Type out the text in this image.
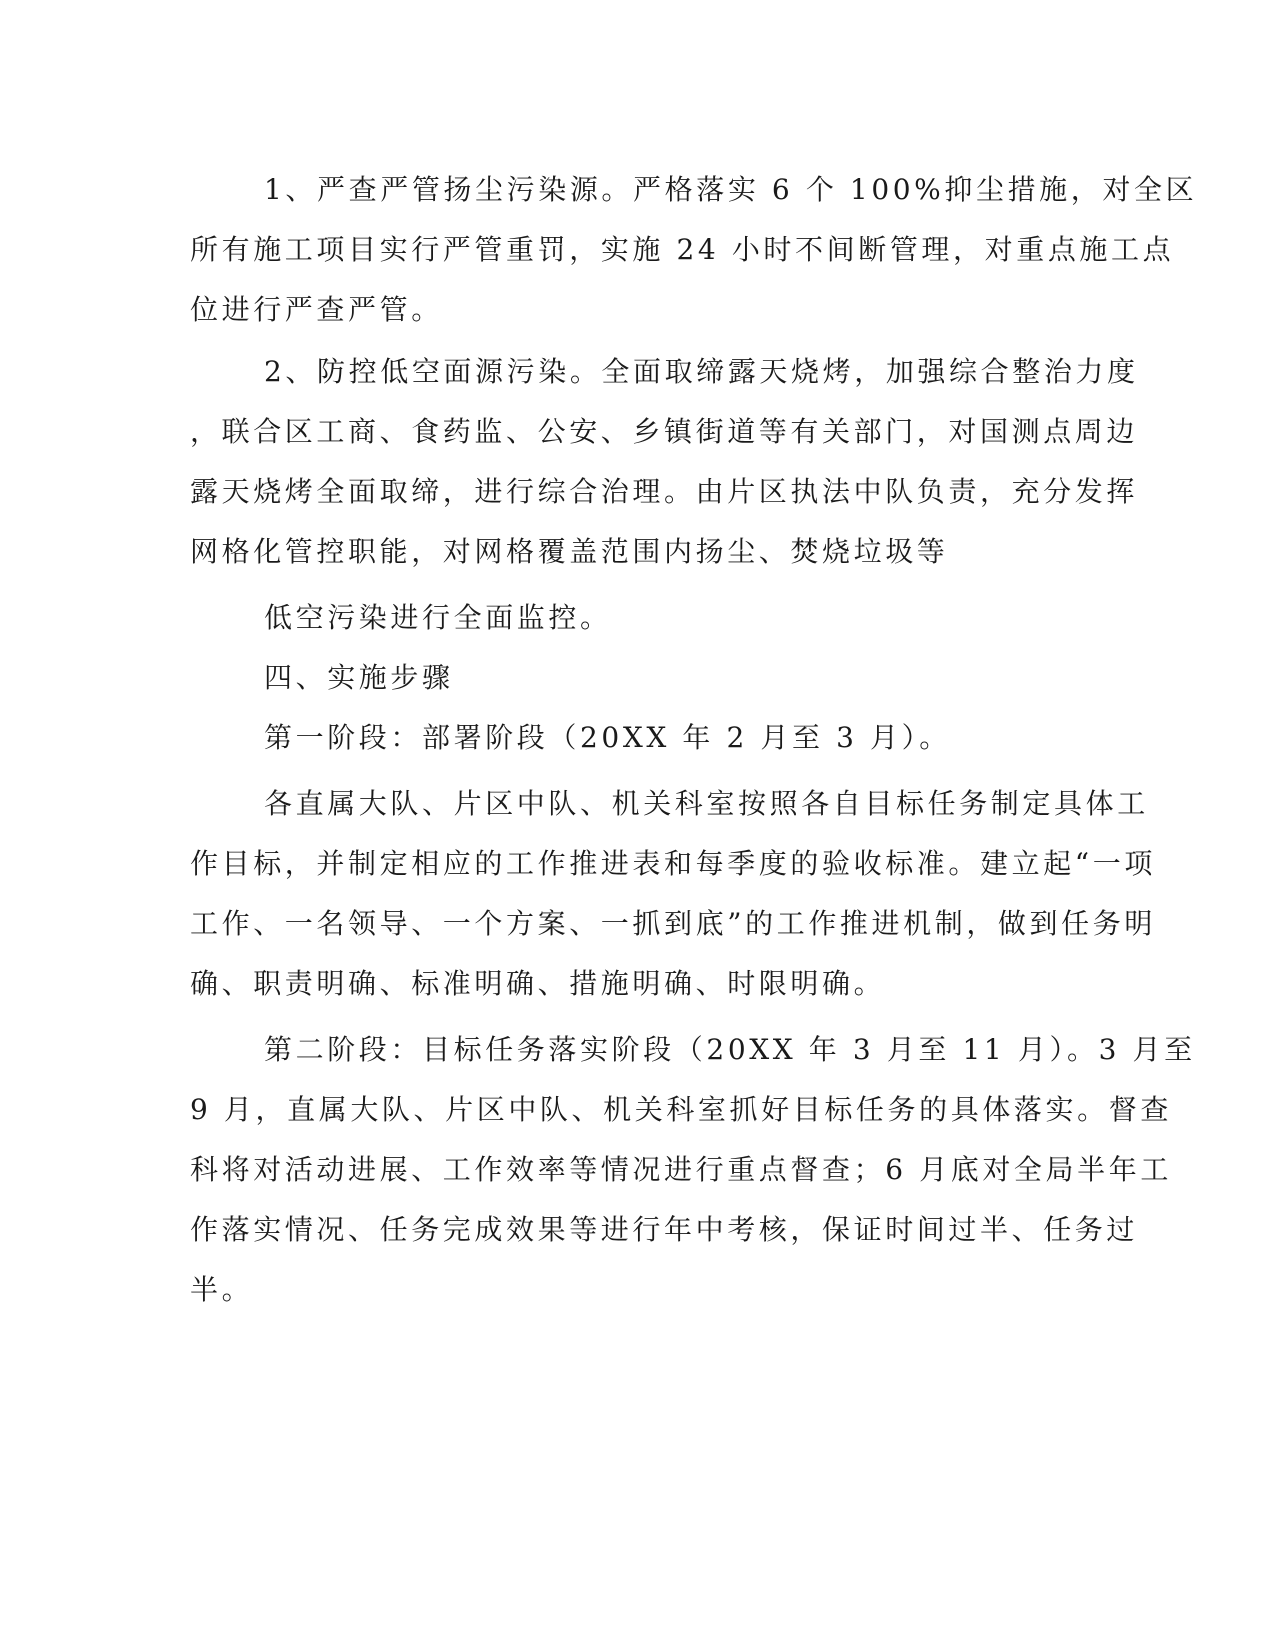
1、严查严管扬尘污染源。严格落实 6 个 100%抑尘措施，对全区
所有施工项目实行严管重罚，实施 24 小时不间断管理，对重点施工点
位进行严查严管。
2、防控低空面源污染。全面取缔露天烧烤，加强综合整治力度
，联合区工商、食药监、公安、乡镇街道等有关部门，对国测点周边
露天烧烤全面取缔，进行综合治理。由片区执法中队负责，充分发挥
网格化管控职能，对网格覆盖范围内扬尘、焚烧垃圾等
低空污染进行全面监控。
四、实施步骤
第一阶段：部署阶段（20XX 年 2 月至 3 月）。
各直属大队、片区中队、机关科室按照各自目标任务制定具体工
作目标，并制定相应的工作推进表和每季度的验收标准。建立起“一项
工作、一名领导、一个方案、一抓到底”的工作推进机制，做到任务明
确、职责明确、标准明确、措施明确、时限明确。
第二阶段：目标任务落实阶段（20XX 年 3 月至 11 月）。3 月至
9 月，直属大队、片区中队、机关科室抓好目标任务的具体落实。督查
科将对活动进展、工作效率等情况进行重点督查；6 月底对全局半年工
作落实情况、任务完成效果等进行年中考核，保证时间过半、任务过
半。
